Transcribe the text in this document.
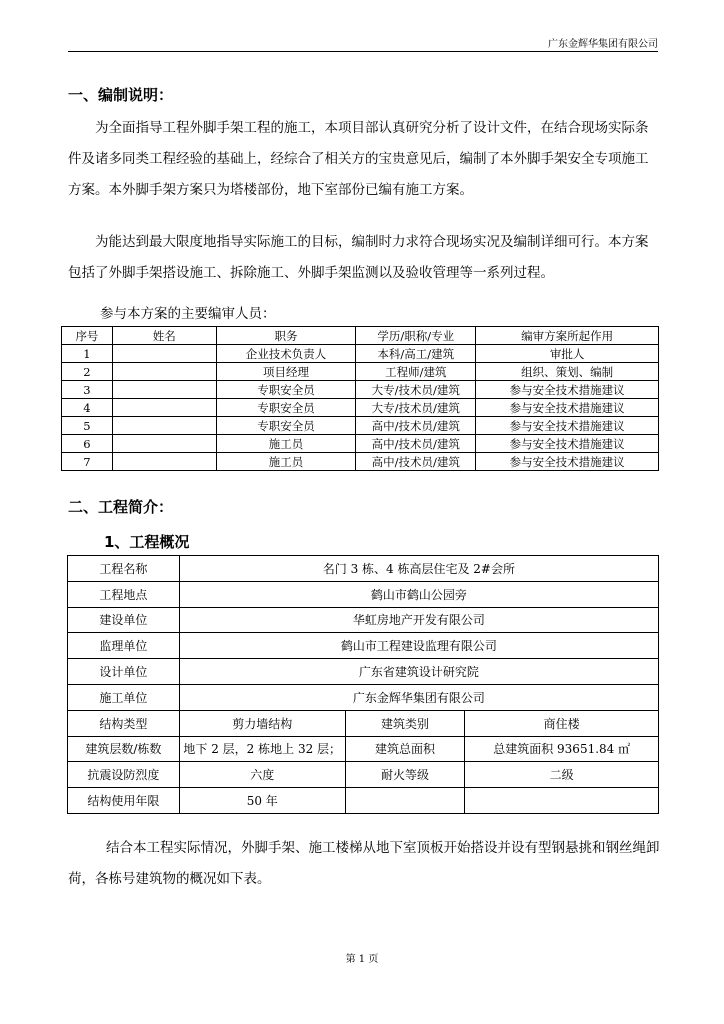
广东金辉华集团有限公司
一、编制说明：
为全面指导工程外脚手架工程的施工，本项目部认真研究分析了设计文件，在结合现场实际条件及诸多同类工程经验的基础上，经综合了相关方的宝贵意见后，编制了本外脚手架安全专项施工方案。本外脚手架方案只为塔楼部份，地下室部份已编有施工方案。
为能达到最大限度地指导实际施工的目标，编制时力求符合现场实况及编制详细可行。本方案包括了外脚手架搭设施工、拆除施工、外脚手架监测以及验收管理等一系列过程。
参与本方案的主要编审人员：
序号	姓名	职务	学历/职称/专业	编审方案所起作用
1		企业技术负责人	本科/高工/建筑	审批人
2		项目经理	工程师/建筑	组织、策划、编制
3		专职安全员	大专/技术员/建筑	参与安全技术措施建议
4		专职安全员	大专/技术员/建筑	参与安全技术措施建议
5		专职安全员	高中/技术员/建筑	参与安全技术措施建议
6		施工员	高中/技术员/建筑	参与安全技术措施建议
7		施工员	高中/技术员/建筑	参与安全技术措施建议
二、工程简介：
1、工程概况
工程名称	名门 3 栋、4 栋高层住宅及 2#会所		
工程地点	鹤山市鹤山公园旁		
建设单位	华虹房地产开发有限公司		
监理单位	鹤山市工程建设监理有限公司		
设计单位	广东省建筑设计研究院		
施工单位	广东金辉华集团有限公司		
结构类型	剪力墙结构	建筑类别	商住楼
建筑层数/栋数	地下 2 层，2 栋地上 32 层；	建筑总面积	总建筑面积 93651.84 ㎡
抗震设防烈度	六度	耐火等级	二级
结构使用年限	50 年		
结合本工程实际情况，外脚手架、施工楼梯从地下室顶板开始搭设并设有型钢悬挑和钢丝绳卸荷，各栋号建筑物的概况如下表。
第 1 页
